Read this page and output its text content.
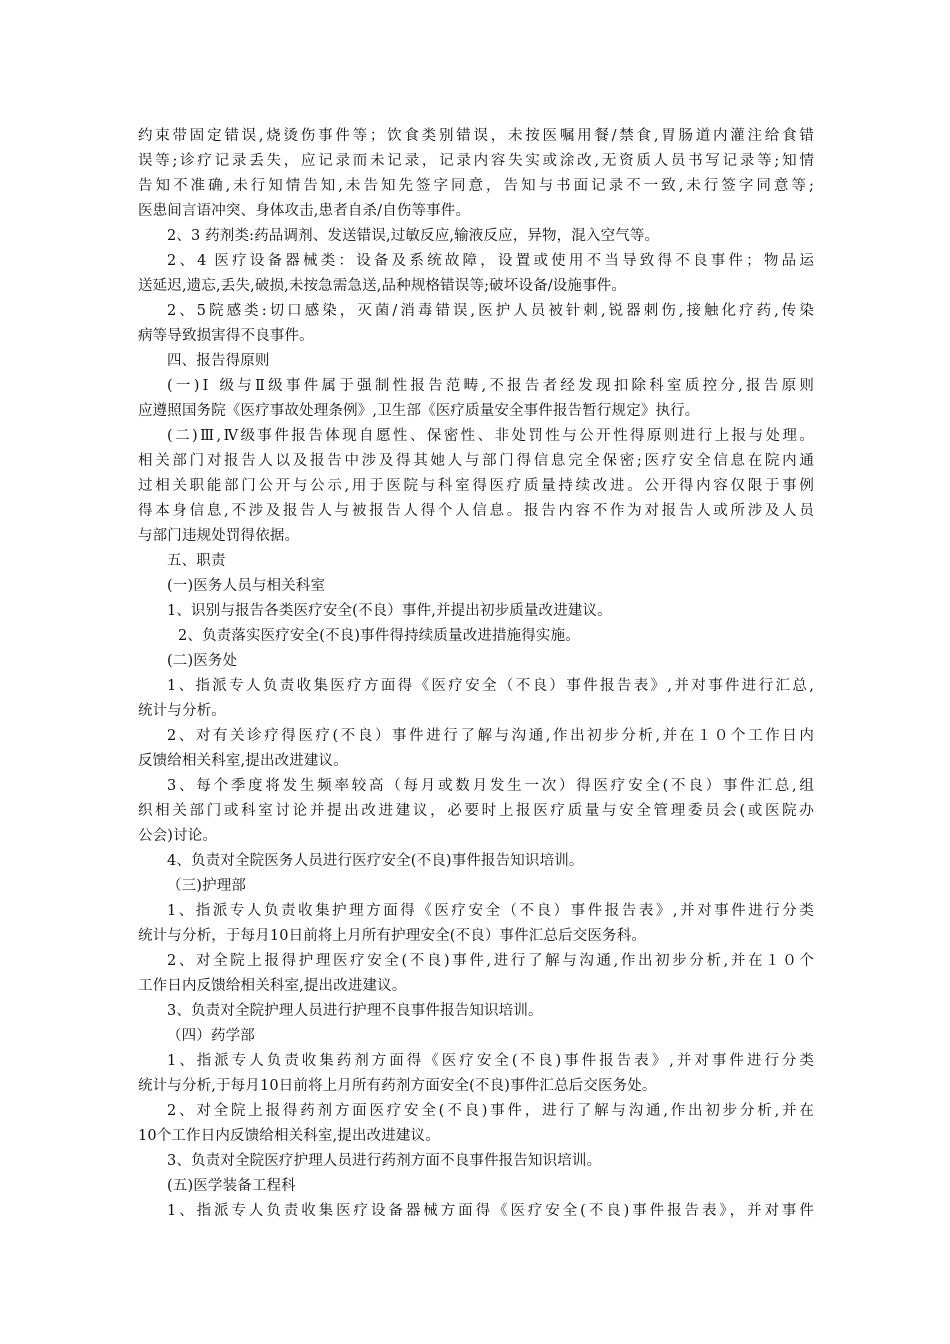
约束带固定错误,烧烫伤事件等；饮食类别错误，未按医嘱用餐/禁食,胃肠道内灌注给食错
误等;诊疗记录丢失，应记录而未记录，记录内容失实或涂改,无资质人员书写记录等;知情
告知不准确,未行知情告知,未告知先签字同意，告知与书面记录不一致,未行签字同意等;
医患间言语冲突、身体攻击,患者自杀/自伤等事件。
2、3 药剂类:药品调剂、发送错误,过敏反应,输液反应，异物，混入空气等。
2、4 医疗设备器械类：设备及系统故障，设置或使用不当导致得不良事件；物品运
送延迟,遗忘,丢失,破损,未按急需急送,品种规格错误等;破坏设备/设施事件。
2、5院感类:切口感染，灭菌/消毒错误,医护人员被针刺,锐器刺伤,接触化疗药,传染
病等导致损害得不良事件。
四、报告得原则
(一)Ⅰ 级与Ⅱ级事件属于强制性报告范畴,不报告者经发现扣除科室质控分,报告原则
应遵照国务院《医疗事故处理条例》,卫生部《医疗质量安全事件报告暂行规定》执行。
(二)Ⅲ,Ⅳ级事件报告体现自愿性、保密性、非处罚性与公开性得原则进行上报与处理。
相关部门对报告人以及报告中涉及得其她人与部门得信息完全保密;医疗安全信息在院内通
过相关职能部门公开与公示,用于医院与科室得医疗质量持续改进。公开得内容仅限于事例
得本身信息,不涉及报告人与被报告人得个人信息。报告内容不作为对报告人或所涉及人员
与部门违规处罚得依据。
五、职责
(一)医务人员与相关科室
1、识别与报告各类医疗安全(不良）事件,并提出初步质量改进建议。
2、负责落实医疗安全(不良)事件得持续质量改进措施得实施。
(二)医务处
1、指派专人负责收集医疗方面得《医疗安全（不良）事件报告表》,并对事件进行汇总,
统计与分析。
2、对有关诊疗得医疗(不良）事件进行了解与沟通,作出初步分析,并在１０个工作日内
反馈给相关科室,提出改进建议。
3、每个季度将发生频率较高（每月或数月发生一次）得医疗安全(不良）事件汇总,组
织相关部门或科室讨论并提出改进建议，必要时上报医疗质量与安全管理委员会(或医院办
公会)讨论。
4、负责对全院医务人员进行医疗安全(不良)事件报告知识培训。
（三)护理部
1、指派专人负责收集护理方面得《医疗安全（不良）事件报告表》,并对事件进行分类
统计与分析，于每月10日前将上月所有护理安全(不良）事件汇总后交医务科。
2、对全院上报得护理医疗安全(不良)事件,进行了解与沟通,作出初步分析,并在１０个
工作日内反馈给相关科室,提出改进建议。
3、负责对全院护理人员进行护理不良事件报告知识培训。
（四）药学部
1、指派专人负责收集药剂方面得《医疗安全(不良)事件报告表》,并对事件进行分类
统计与分析,于每月10日前将上月所有药剂方面安全(不良)事件汇总后交医务处。
2、对全院上报得药剂方面医疗安全(不良)事件，进行了解与沟通,作出初步分析,并在
10个工作日内反馈给相关科室,提出改进建议。
3、负责对全院医疗护理人员进行药剂方面不良事件报告知识培训。
(五)医学装备工程科
1、指派专人负责收集医疗设备器械方面得《医疗安全(不良)事件报告表》，并对事件
